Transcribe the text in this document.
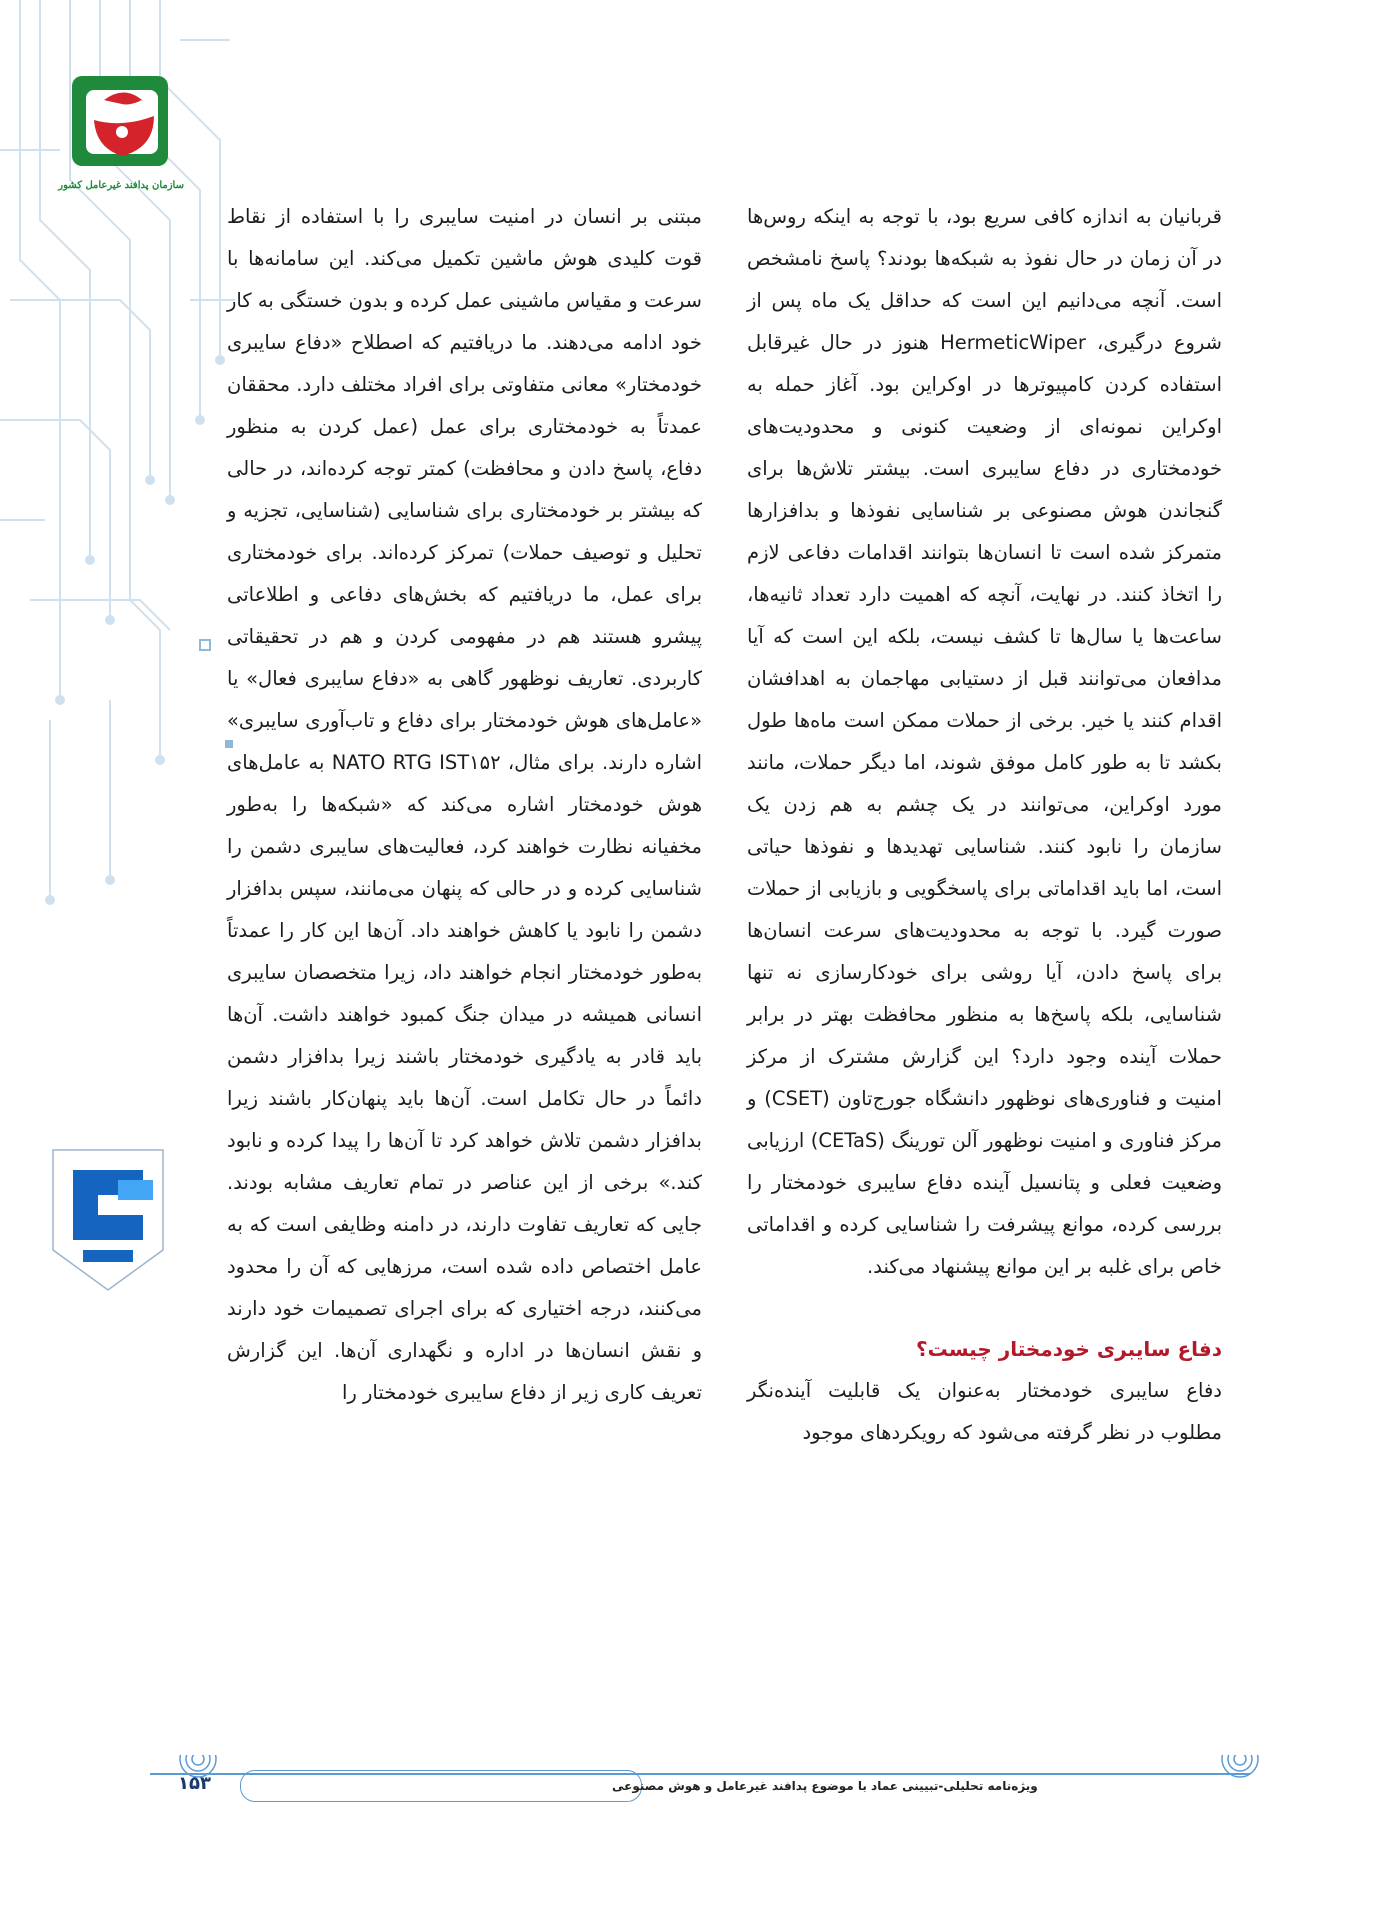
سازمان پدافند غیرعامل کشور

قربانیان به اندازه کافی سریع بود، با توجه به اینکه روس‌ها در آن زمان در حال نفوذ به شبکه‌ها بودند؟ پاسخ نامشخص است. آنچه می‌دانیم این است که حداقل یک ماه پس از شروع درگیری، HermeticWiper هنوز در حال غیرقابل استفاده کردن کامپیوترها در اوکراین بود. آغاز حمله به اوکراین نمونه‌ای از وضعیت کنونی و محدودیت‌های خودمختاری در دفاع سایبری است. بیشتر تلاش‌ها برای گنجاندن هوش مصنوعی بر شناسایی نفوذها و بدافزارها متمرکز شده است تا انسان‌ها بتوانند اقدامات دفاعی لازم را اتخاذ کنند. در نهایت، آنچه که اهمیت دارد تعداد ثانیه‌ها، ساعت‌ها یا سال‌ها تا کشف نیست، بلکه این است که آیا مدافعان می‌توانند قبل از دستیابی مهاجمان به اهدافشان اقدام کنند یا خیر. برخی از حملات ممکن است ماه‌ها طول بکشد تا به طور کامل موفق شوند، اما دیگر حملات، مانند مورد اوکراین، می‌توانند در یک چشم به هم زدن یک سازمان را نابود کنند. شناسایی تهدیدها و نفوذها حیاتی است، اما باید اقداماتی برای پاسخگویی و بازیابی از حملات صورت گیرد. با توجه به محدودیت‌های سرعت انسان‌ها برای پاسخ دادن، آیا روشی برای خودکارسازی نه تنها شناسایی، بلکه پاسخ‌ها به منظور محافظت بهتر در برابر حملات آینده وجود دارد؟ این گزارش مشترک از مرکز امنیت و فناوری‌های نوظهور دانشگاه جورج‌تاون (CSET) و مرکز فناوری و امنیت نوظهور آلن تورینگ (CETaS) ارزیابی وضعیت فعلی و پتانسیل آینده دفاع سایبری خودمختار را بررسی کرده، موانع پیشرفت را شناسایی کرده و اقداماتی خاص برای غلبه بر این موانع پیشنهاد می‌کند.

دفاع سایبری خودمختار چیست؟

دفاع سایبری خودمختار به‌عنوان یک قابلیت آینده‌نگر مطلوب در نظر گرفته می‌شود که رویکردهای موجود

مبتنی بر انسان در امنیت سایبری را با استفاده از نقاط قوت کلیدی هوش ماشین تکمیل می‌کند. این سامانه‌ها با سرعت و مقیاس ماشینی عمل کرده و بدون خستگی به کار خود ادامه می‌دهند. ما دریافتیم که اصطلاح «دفاع سایبری خودمختار» معانی متفاوتی برای افراد مختلف دارد. محققان عمدتاً به خودمختاری برای عمل (عمل کردن به منظور دفاع، پاسخ دادن و محافظت) کمتر توجه کرده‌اند، در حالی که بیشتر بر خودمختاری برای شناسایی (شناسایی، تجزیه و تحلیل و توصیف حملات) تمرکز کرده‌اند. برای خودمختاری برای عمل، ما دریافتیم که بخش‌های دفاعی و اطلاعاتی پیشرو هستند هم در مفهومی کردن و هم در تحقیقاتی کاربردی. تعاریف نوظهور گاهی به «دفاع سایبری فعال» یا «عامل‌های هوش خودمختار برای دفاع و تاب‌آوری سایبری» اشاره دارند. برای مثال، NATO RTG IST۱۵۲ به عامل‌های هوش خودمختار اشاره می‌کند که «شبکه‌ها را به‌طور مخفیانه نظارت خواهند کرد، فعالیت‌های سایبری دشمن را شناسایی کرده و در حالی که پنهان می‌مانند، سپس بدافزار دشمن را نابود یا کاهش خواهند داد. آن‌ها این کار را عمدتاً به‌طور خودمختار انجام خواهند داد، زیرا متخصصان سایبری انسانی همیشه در میدان جنگ کمبود خواهند داشت. آن‌ها باید قادر به یادگیری خودمختار باشند زیرا بدافزار دشمن دائماً در حال تکامل است. آن‌ها باید پنهان‌کار باشند زیرا بدافزار دشمن تلاش خواهد کرد تا آن‌ها را پیدا کرده و نابود کند.» برخی از این عناصر در تمام تعاریف مشابه بودند. جایی که تعاریف تفاوت دارند، در دامنه وظایفی است که به عامل اختصاص داده شده است، مرزهایی که آن را محدود می‌کنند، درجه اختیاری که برای اجرای تصمیمات خود دارند و نقش انسان‌ها در اداره و نگهداری آن‌ها. این گزارش تعریف کاری زیر از دفاع سایبری خودمختار را

ویژه‌نامه تحلیلی-تبیینی عماد با موضوع پدافند غیرعامل و هوش مصنوعی
۱۵۳
